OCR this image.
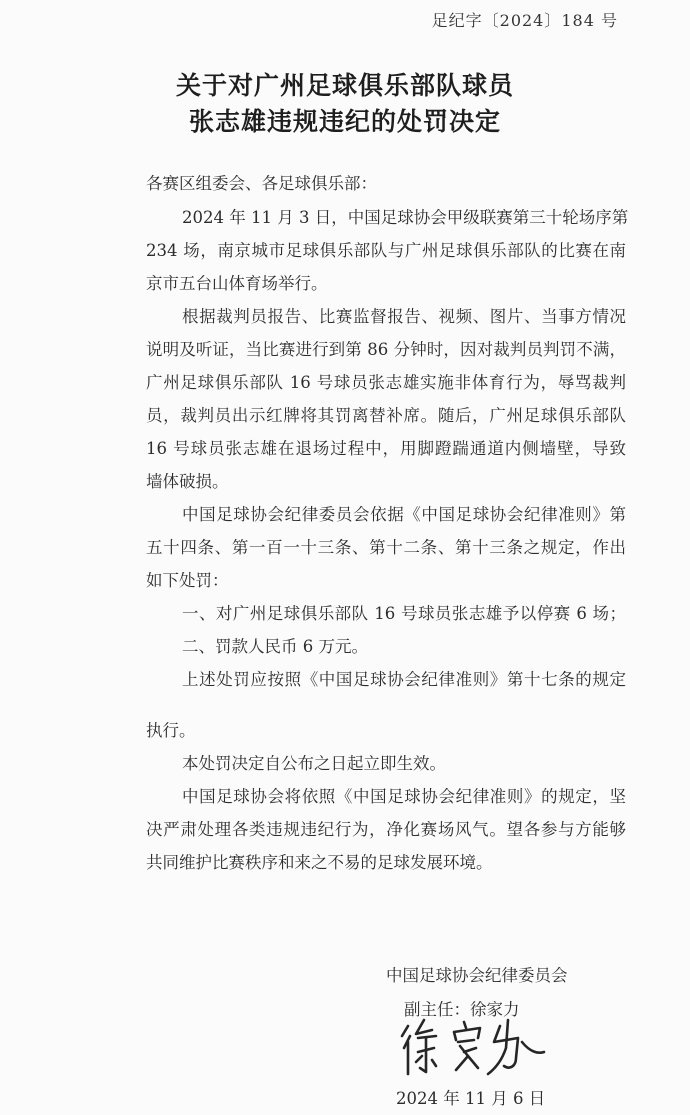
足纪字〔2024〕184 号
关于对广州足球俱乐部队球员
张志雄违规违纪的处罚决定
各赛区组委会、各足球俱乐部：
2024 年 11 月 3 日，中国足球协会甲级联赛第三十轮场序第
234 场，南京城市足球俱乐部队与广州足球俱乐部队的比赛在南
京市五台山体育场举行。
根据裁判员报告、比赛监督报告、视频、图片、当事方情况
说明及听证，当比赛进行到第 86 分钟时，因对裁判员判罚不满，
广州足球俱乐部队 16 号球员张志雄实施非体育行为，辱骂裁判
员，裁判员出示红牌将其罚离替补席。随后，广州足球俱乐部队
16 号球员张志雄在退场过程中，用脚蹬踹通道内侧墙壁，导致
墙体破损。
中国足球协会纪律委员会依据《中国足球协会纪律准则》第
五十四条、第一百一十三条、第十二条、第十三条之规定，作出
如下处罚：
一、对广州足球俱乐部队 16 号球员张志雄予以停赛 6 场；
二、罚款人民币 6 万元。
上述处罚应按照《中国足球协会纪律准则》第十七条的规定
执行。
本处罚决定自公布之日起立即生效。
中国足球协会将依照《中国足球协会纪律准则》的规定，坚
决严肃处理各类违规违纪行为，净化赛场风气。望各参与方能够
共同维护比赛秩序和来之不易的足球发展环境。
中国足球协会纪律委员会
副主任：徐家力
2024 年 11 月 6 日
